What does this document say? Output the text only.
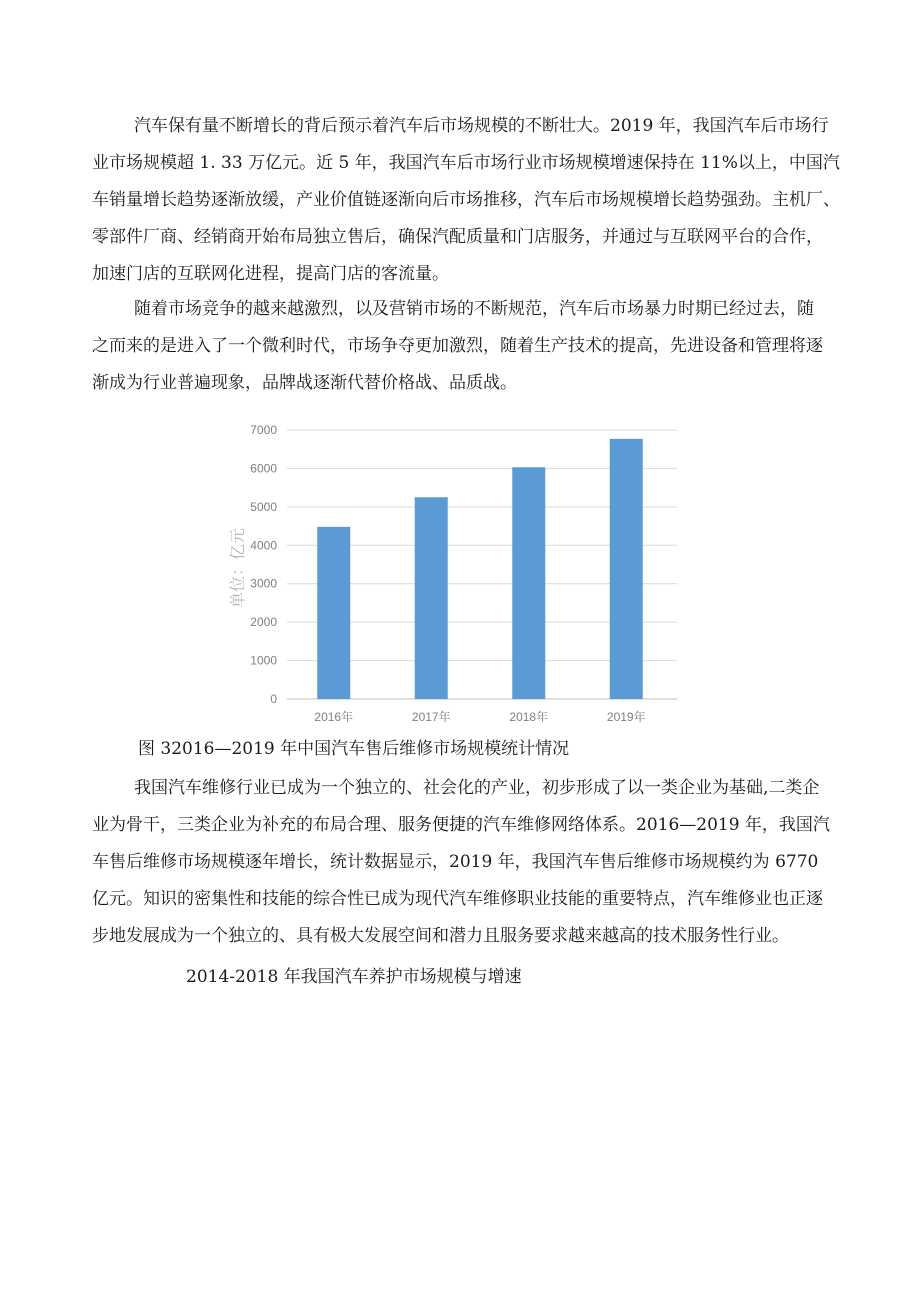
汽车保有量不断增长的背后预示着汽车后市场规模的不断壮大。2019 年，我国汽车后市场行
业市场规模超 1. 33 万亿元。近 5 年，我国汽车后市场行业市场规模增速保持在 11%以上，中国汽
车销量增长趋势逐渐放缓，产业价值链逐渐向后市场推移，汽车后市场规模增长趋势强劲。主机厂、
零部件厂商、经销商开始布局独立售后，确保汽配质量和门店服务，并通过与互联网平台的合作，
加速门店的互联网化进程，提高门店的客流量。
随着市场竞争的越来越激烈，以及营销市场的不断规范，汽车后市场暴力时期已经过去，随
之而来的是进入了一个微利时代，市场争夺更加激烈，随着生产技术的提高，先进设备和管理将逐
渐成为行业普遍现象，品牌战逐渐代替价格战、品质战。
0
1000
2000
3000
4000
5000
6000
7000
2016年	2017年	2018年	2019年
单位：亿元
图 32016—2019 年中国汽车售后维修市场规模统计情况
我国汽车维修行业已成为一个独立的、社会化的产业，初步形成了以一类企业为基础,二类企
业为骨干，三类企业为补充的布局合理、服务便捷的汽车维修网络体系。2016—2019 年，我国汽
车售后维修市场规模逐年增长，统计数据显示，2019 年，我国汽车售后维修市场规模约为 6770
亿元。知识的密集性和技能的综合性已成为现代汽车维修职业技能的重要特点，汽车维修业也正逐
步地发展成为一个独立的、具有极大发展空间和潜力且服务要求越来越高的技术服务性行业。
2014-2018 年我国汽车养护市场规模与增速
